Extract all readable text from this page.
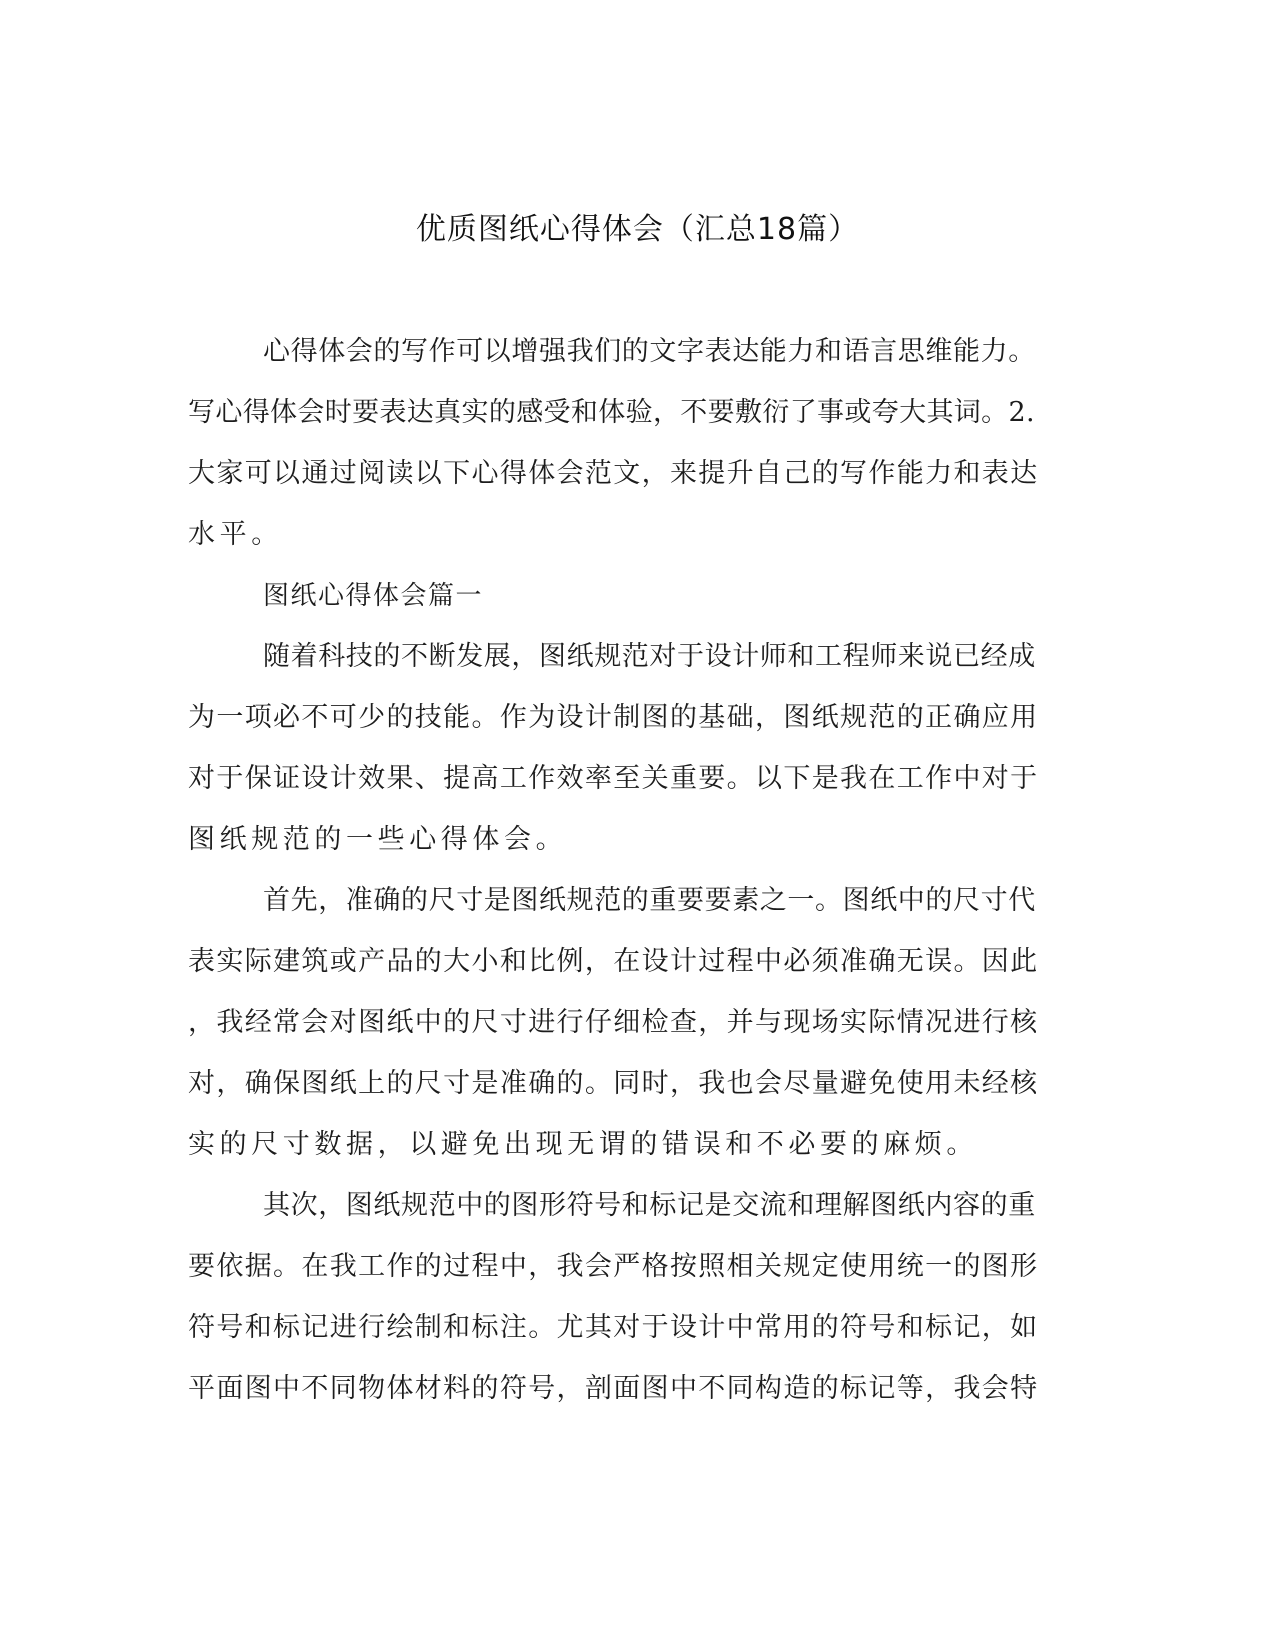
优质图纸心得体会（汇总18篇）
心得体会的写作可以增强我们的文字表达能力和语言思维能力。
写心得体会时要表达真实的感受和体验，不要敷衍了事或夸大其词。2.
大家可以通过阅读以下心得体会范文，来提升自己的写作能力和表达
水平。
图纸心得体会篇一
随着科技的不断发展，图纸规范对于设计师和工程师来说已经成
为一项必不可少的技能。作为设计制图的基础，图纸规范的正确应用
对于保证设计效果、提高工作效率至关重要。以下是我在工作中对于
图纸规范的一些心得体会。
首先，准确的尺寸是图纸规范的重要要素之一。图纸中的尺寸代
表实际建筑或产品的大小和比例，在设计过程中必须准确无误。因此
，我经常会对图纸中的尺寸进行仔细检查，并与现场实际情况进行核
对，确保图纸上的尺寸是准确的。同时，我也会尽量避免使用未经核
实的尺寸数据，以避免出现无谓的错误和不必要的麻烦。
其次，图纸规范中的图形符号和标记是交流和理解图纸内容的重
要依据。在我工作的过程中，我会严格按照相关规定使用统一的图形
符号和标记进行绘制和标注。尤其对于设计中常用的符号和标记，如
平面图中不同物体材料的符号，剖面图中不同构造的标记等，我会特
